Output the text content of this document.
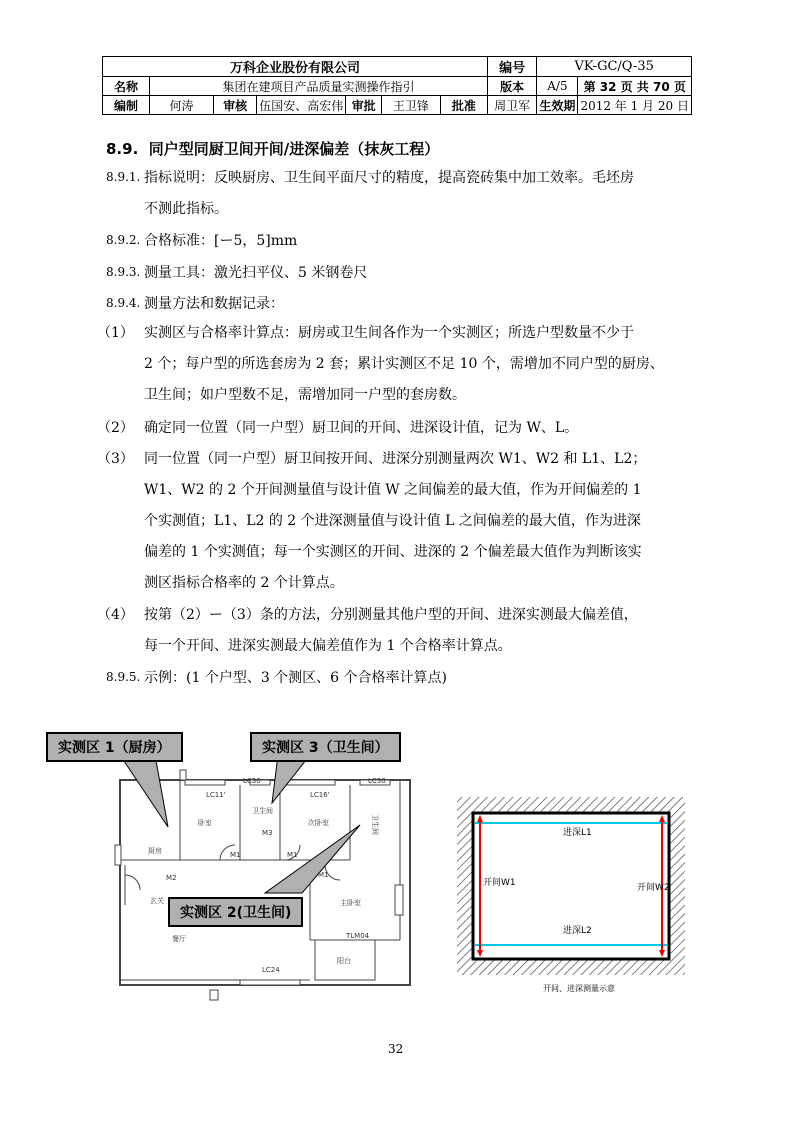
万科企业股份有限公司							编号	VK-GC/Q-35	
名称	集团在建项目产品质量实测操作指引						版本	A/5	第 32 页 共 70 页
编制	何涛	审核	伍国安、高宏伟	审批	王卫锋	批准	周卫军	生效期	2012 年 1 月 20 日
8.9. 同户型同厨卫间开间/进深偏差（抹灰工程）
8.9.1. 指标说明：反映厨房、卫生间平面尺寸的精度，提高瓷砖集中加工效率。毛坯房
不测此指标。
8.9.2. 合格标准：[ー5，5]mm
8.9.3. 测量工具：激光扫平仪、5 米钢卷尺
8.9.4. 测量方法和数据记录：
（1） 实测区与合格率计算点：厨房或卫生间各作为一个实测区；所选户型数量不少于
2 个；每户型的所选套房为 2 套；累计实测区不足 10 个，需增加不同户型的厨房、
卫生间；如户型数不足，需增加同一户型的套房数。
（2） 确定同一位置（同一户型）厨卫间的开间、进深设计值，记为 W、L。
（3） 同一位置（同一户型）厨卫间按开间、进深分别测量两次 W1、W2 和 L1、L2；
W1、W2 的 2 个开间测量值与设计值 W 之间偏差的最大值，作为开间偏差的 1
个实测值；L1、L2 的 2 个进深测量值与设计值 L 之间偏差的最大值，作为进深
偏差的 1 个实测值；每一个实测区的开间、进深的 2 个偏差最大值作为判断该实
测区指标合格率的 2 个计算点。
（4） 按第（2）ー（3）条的方法，分别测量其他户型的开间、进深实测最大偏差值，
每一个开间、进深实测最大偏差值作为 1 个合格率计算点。
8.9.5. 示例：(1 个户型、3 个测区、6 个合格率计算点)
厨房
卧室	次卧室
主卧室
卫生间
卫生间
玄关
餐厅
阳台
LC11'	LC16'
LC30	LC30
LC24
TLM04
M1	M1
M1
M2
M3
实测区 1（厨房）	实测区 3（卫生间）
实测区 2(卫生间)
进深L1
进深L2
开间W1	开间W2
开间、进深测量示意
32
